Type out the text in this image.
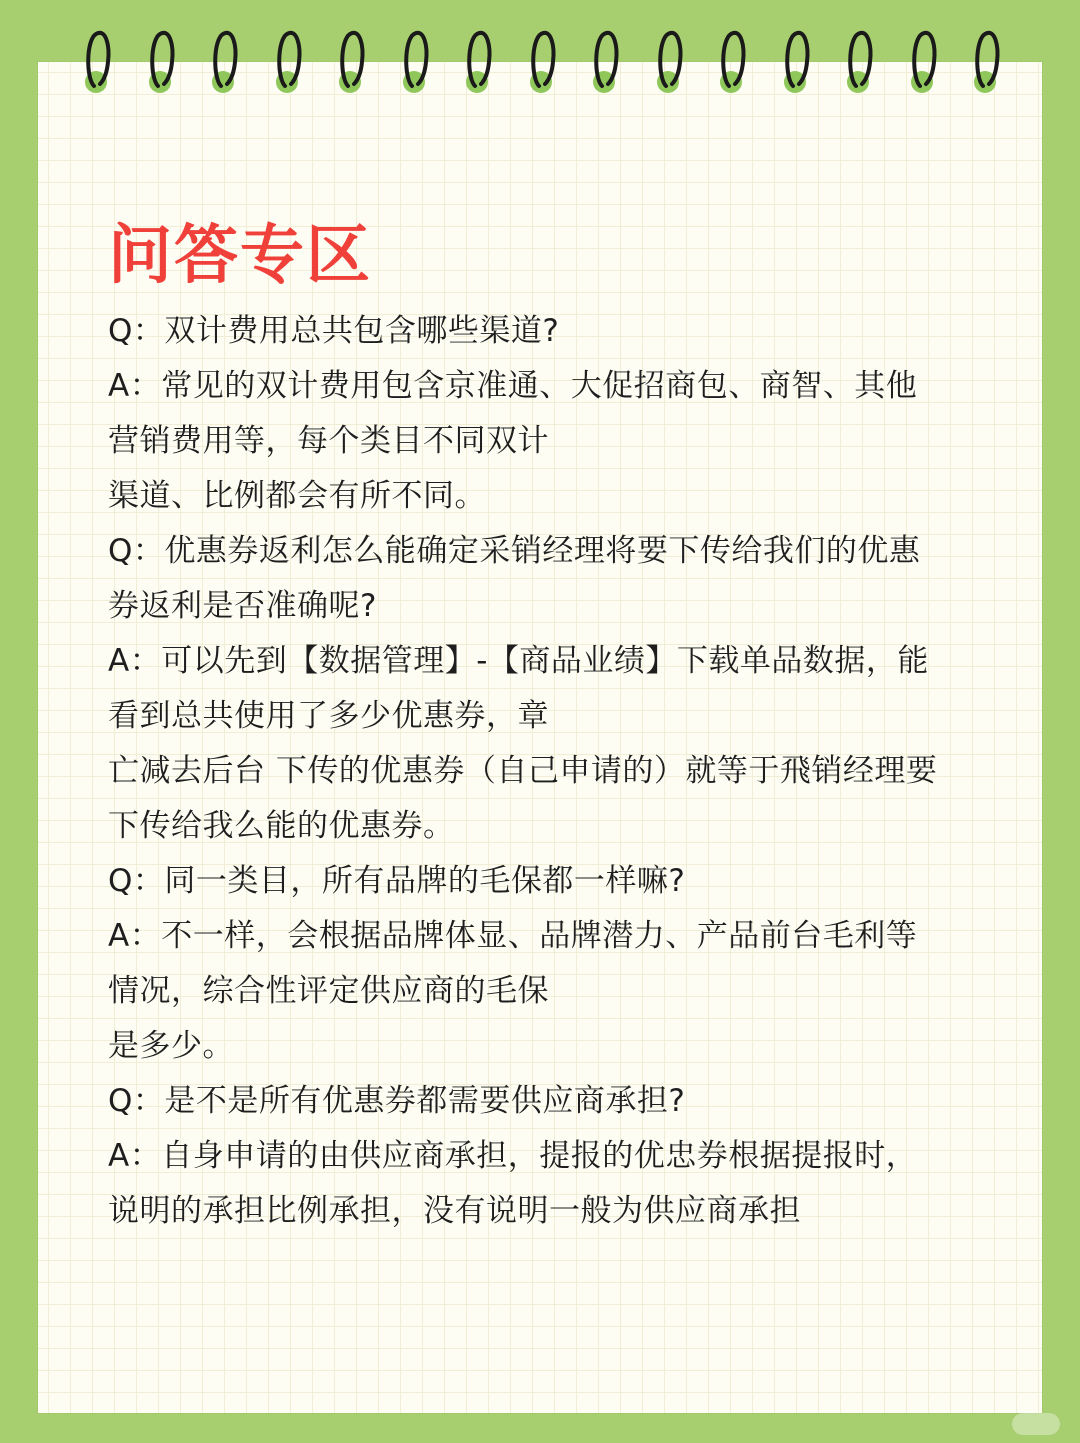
问答专区
Q：双计费用总共包含哪些渠道?
A：常见的双计费用包含京准通、大促招商包、商智、其他
营销费用等，每个类目不同双计
渠道、比例都会有所不同。
Q：优惠券返利怎么能确定采销经理将要下传给我们的优惠
券返利是否准确呢?
A：可以先到【数据管理】-【商品业绩】下载单品数据，能
看到总共使用了多少优惠券，章
亡减去后台 下传的优惠券（自己申请的）就等于飛销经理要
下传给我么能的优惠券。
Q：同一类目，所有品牌的毛保都一样嘛?
A：不一样，会根据品牌体显、品牌潜力、产品前台毛利等
情况，综合性评定供应商的毛保
是多少。
Q：是不是所有优惠券都需要供应商承担?
A：自身申请的由供应商承担，提报的优忠券根据提报时，
说明的承担比例承担，没有说明一般为供应商承担
